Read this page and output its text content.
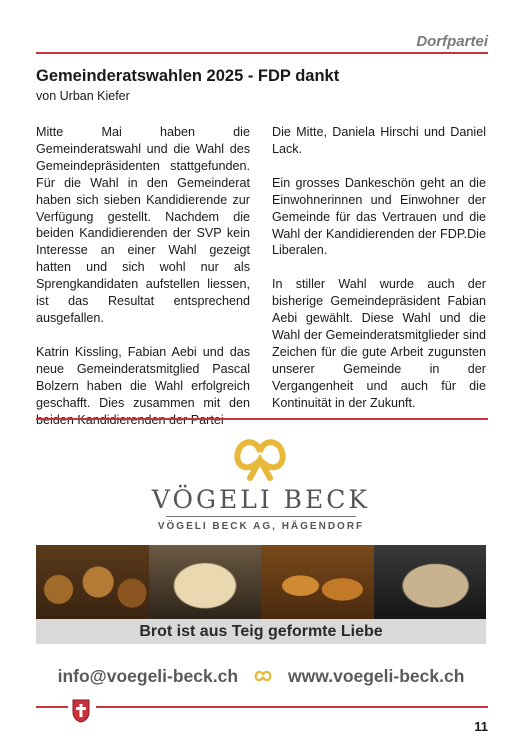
Dorfpartei
Gemeinderatswahlen 2025 - FDP dankt
von Urban Kiefer

Mitte Mai haben die Gemeinderatswahl und die Wahl des Gemeindepräsidenten stattgefunden. Für die Wahl in den Gemeinderat haben sich sieben Kandidierende zur Verfügung gestellt. Nachdem die beiden Kandidierenden der SVP kein Interesse an einer Wahl gezeigt hatten und sich wohl nur als Sprengkandidaten aufstellen liessen, ist das Resultat entsprechend ausgefallen.

Katrin Kissling, Fabian Aebi und das neue Gemeinderatsmitglied Pascal Bolzern haben die Wahl erfolgreich geschafft. Dies zusammen mit den

Die Mitte, Daniela Hirschi und Daniel Lack.

Ein grosses Dankeschön geht an die Einwohnerinnen und Einwohner der Gemeinde für das Vertrauen und die Wahl der Kandidierenden der FDP.Die Liberalen.

In stiller Wahl wurde auch der bisherige Gemeindepräsident Fabian Aebi gewählt. Diese Wahl und die Wahl der Gemeinderatsmitglieder sind Zeichen für die gute Arbeit zugunsten unserer Gemeinde in der Vergangenheit und auch für die Kontinuität in der Zukunft.

VÖGELI BECK
VÖGELI BECK AG, HÄGENDORF
Brot ist aus Teig geformte Liebe
info@voegeli-beck.ch	www.voegeli-beck.ch
11
